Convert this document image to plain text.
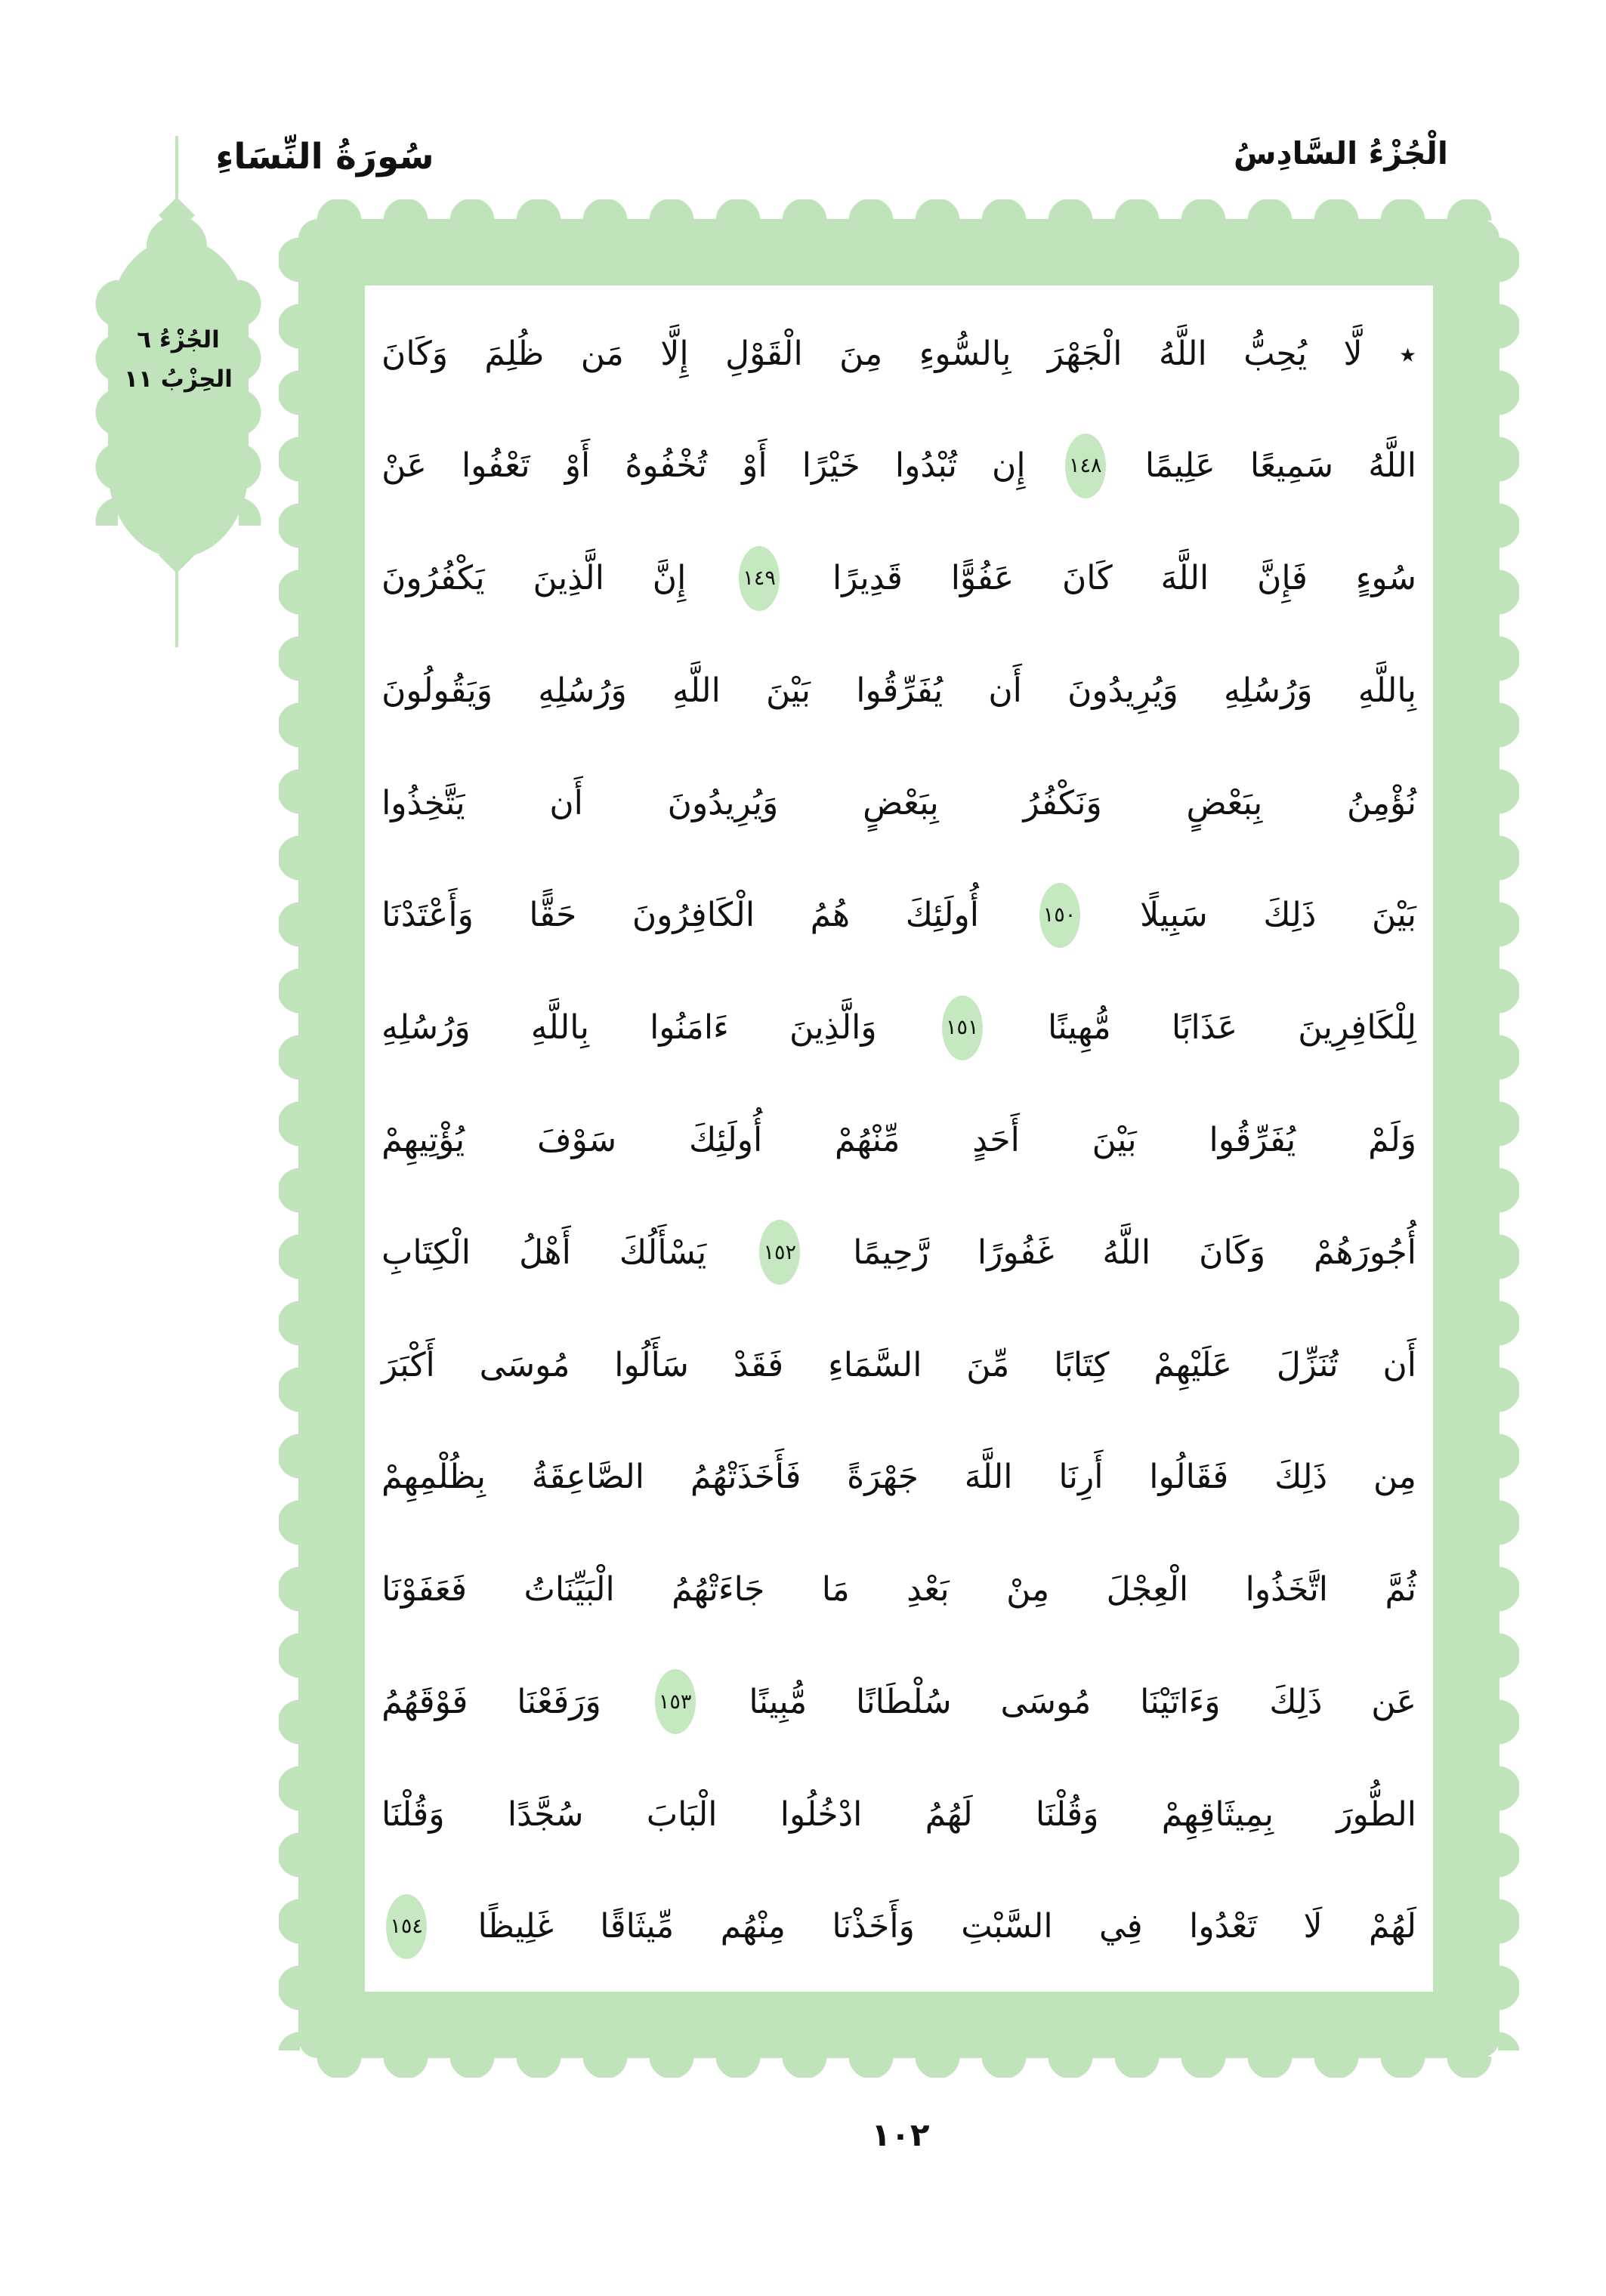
سُورَةُ النِّسَاءِ	الْجُزْءُ السَّادِسُ
الجُزْءُ ٦
الحِزْبُ ١١
٭
لَّا
يُحِبُّ
اللَّهُ
الْجَهْرَ
بِالسُّوءِ
مِنَ
الْقَوْلِ
إِلَّا
مَن
ظُلِمَ
وَكَانَ
اللَّهُ
سَمِيعًا
عَلِيمًا
١٤٨
إِن
تُبْدُوا
خَيْرًا
أَوْ
تُخْفُوهُ
أَوْ
تَعْفُوا
عَنْ
سُوءٍ
فَإِنَّ
اللَّهَ
كَانَ
عَفُوًّا
قَدِيرًا
١٤٩
إِنَّ
الَّذِينَ
يَكْفُرُونَ
بِاللَّهِ
وَرُسُلِهِ
وَيُرِيدُونَ
أَن
يُفَرِّقُوا
بَيْنَ
اللَّهِ
وَرُسُلِهِ
وَيَقُولُونَ
نُؤْمِنُ
بِبَعْضٍ
وَنَكْفُرُ
بِبَعْضٍ
وَيُرِيدُونَ
أَن
يَتَّخِذُوا
بَيْنَ
ذَلِكَ
سَبِيلًا
١٥٠
أُولَئِكَ
هُمُ
الْكَافِرُونَ
حَقًّا
وَأَعْتَدْنَا
لِلْكَافِرِينَ
عَذَابًا
مُّهِينًا
١٥١
وَالَّذِينَ
ءَامَنُوا
بِاللَّهِ
وَرُسُلِهِ
وَلَمْ
يُفَرِّقُوا
بَيْنَ
أَحَدٍ
مِّنْهُمْ
أُولَئِكَ
سَوْفَ
يُؤْتِيهِمْ
أُجُورَهُمْ
وَكَانَ
اللَّهُ
غَفُورًا
رَّحِيمًا
١٥٢
يَسْأَلُكَ
أَهْلُ
الْكِتَابِ
أَن
تُنَزِّلَ
عَلَيْهِمْ
كِتَابًا
مِّنَ
السَّمَاءِ
فَقَدْ
سَأَلُوا
مُوسَى
أَكْبَرَ
مِن
ذَلِكَ
فَقَالُوا
أَرِنَا
اللَّهَ
جَهْرَةً
فَأَخَذَتْهُمُ
الصَّاعِقَةُ
بِظُلْمِهِمْ
ثُمَّ
اتَّخَذُوا
الْعِجْلَ
مِنْ
بَعْدِ
مَا
جَاءَتْهُمُ
الْبَيِّنَاتُ
فَعَفَوْنَا
عَن
ذَلِكَ
وَءَاتَيْنَا
مُوسَى
سُلْطَانًا
مُّبِينًا
١٥٣
وَرَفَعْنَا
فَوْقَهُمُ
الطُّورَ
بِمِيثَاقِهِمْ
وَقُلْنَا
لَهُمُ
ادْخُلُوا
الْبَابَ
سُجَّدًا
وَقُلْنَا
لَهُمْ
لَا
تَعْدُوا
فِي
السَّبْتِ
وَأَخَذْنَا
مِنْهُم
مِّيثَاقًا
غَلِيظًا
١٥٤
١٠٢
